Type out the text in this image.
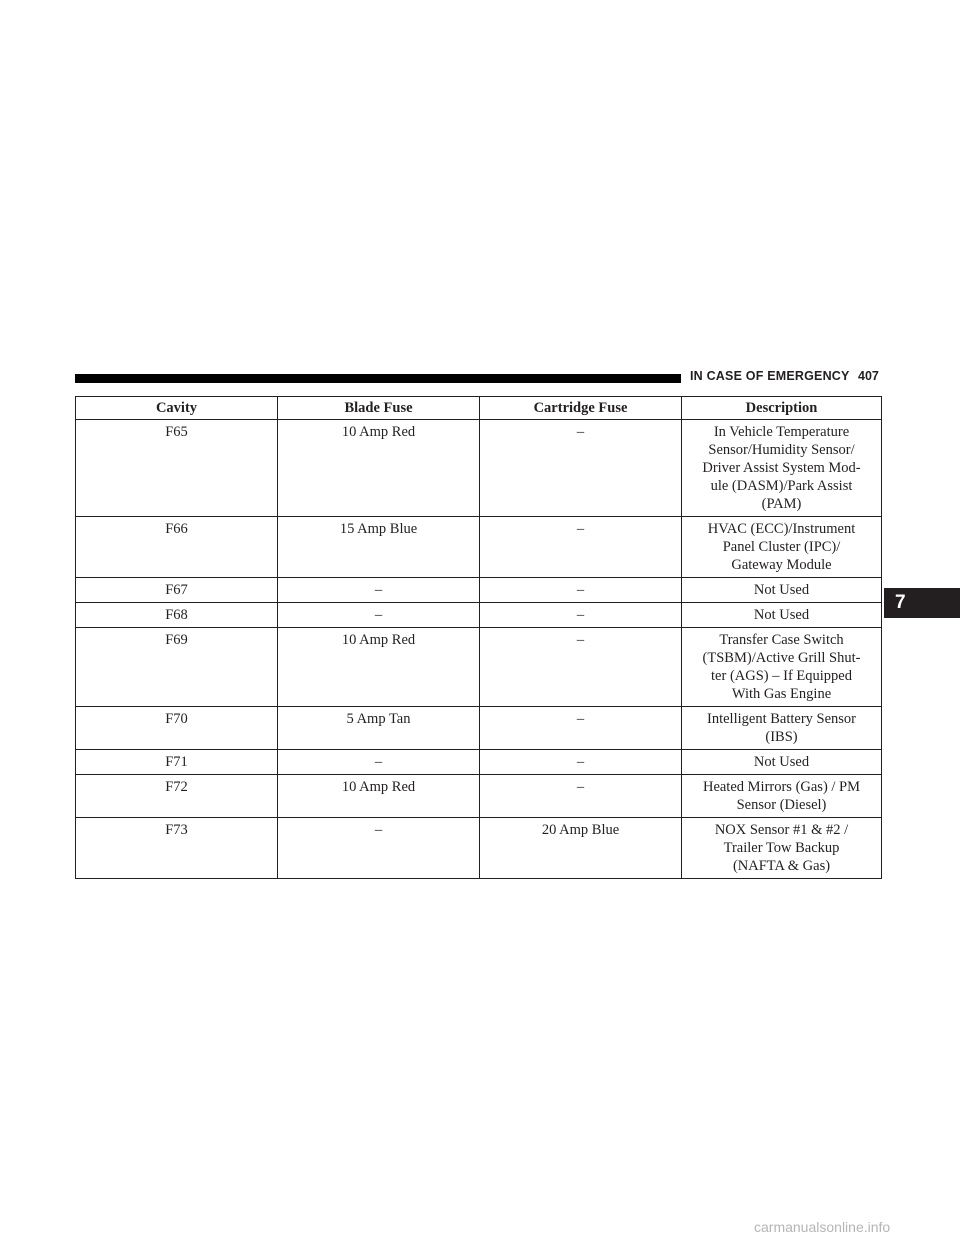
IN CASE OF EMERGENCY 407
7
Cavity	Blade Fuse	Cartridge Fuse	Description
F65	10 Amp Red	–	In Vehicle Temperature
Sensor/Humidity Sensor/
Driver Assist System Mod-
ule (DASM)/Park Assist
(PAM)

F66	15 Amp Blue	–	HVAC (ECC)/Instrument
Panel Cluster (IPC)/
Gateway Module

F67	–	–	Not Used

F68	–	–	Not Used

F69	10 Amp Red	–	Transfer Case Switch
(TSBM)/Active Grill Shut-
ter (AGS) – If Equipped
With Gas Engine

F70	5 Amp Tan	–	Intelligent Battery Sensor
(IBS)

F71	–	–	Not Used

F72	10 Amp Red	–	Heated Mirrors (Gas) / PM
Sensor (Diesel)

F73	–	20 Amp Blue	NOX Sensor #1 & #2 /
Trailer Tow Backup
(NAFTA & Gas)
carmanualsonline.info
